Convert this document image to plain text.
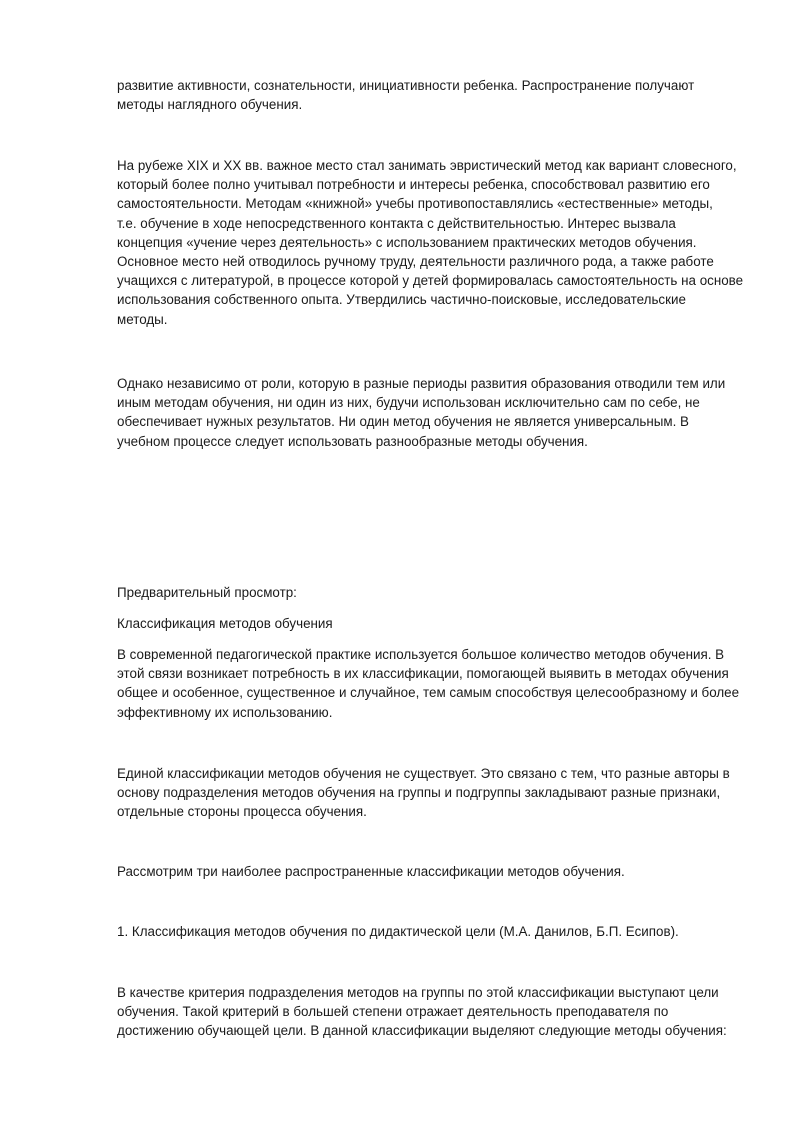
развитие активности, сознательности, инициативности ребенка. Распространение получают
методы наглядного обучения.

На рубеже XIX и XX вв. важное место стал занимать эвристический метод как вариант словесного,
который более полно учитывал потребности и интересы ребенка, способствовал развитию его
самостоятельности. Методам «книжной» учебы противопоставлялись «естественные» методы,
т.е. обучение в ходе непосредственного контакта с действительностью. Интерес вызвала
концепция «учение через деятельность» с использованием практических методов обучения.
Основное место ней отводилось ручному труду, деятельности различного рода, а также работе
учащихся с литературой, в процессе которой у детей формировалась самостоятельность на основе
использования собственного опыта. Утвердились частично-поисковые, исследовательские
методы.

Однако независимо от роли, которую в разные периоды развития образования отводили тем или
иным методам обучения, ни один из них, будучи использован исключительно сам по себе, не
обеспечивает нужных результатов. Ни один метод обучения не является универсальным. В
учебном процессе следует использовать разнообразные методы обучения.

Предварительный просмотр:

Классификация методов обучения

В современной педагогической практике используется большое количество методов обучения. В
этой связи возникает потребность в их классификации, помогающей выявить в методах обучения
общее и особенное, существенное и случайное, тем самым способствуя целесообразному и более
эффективному их использованию.

Единой классификации методов обучения не существует. Это связано с тем, что разные авторы в
основу подразделения методов обучения на группы и подгруппы закладывают разные признаки,
отдельные стороны процесса обучения.

Рассмотрим три наиболее распространенные классификации методов обучения.

1. Классификация методов обучения по дидактической цели (М.А. Данилов, Б.П. Есипов).

В качестве критерия подразделения методов на группы по этой классификации выступают цели
обучения. Такой критерий в большей степени отражает деятельность преподавателя по
достижению обучающей цели. В данной классификации выделяют следующие методы обучения:
